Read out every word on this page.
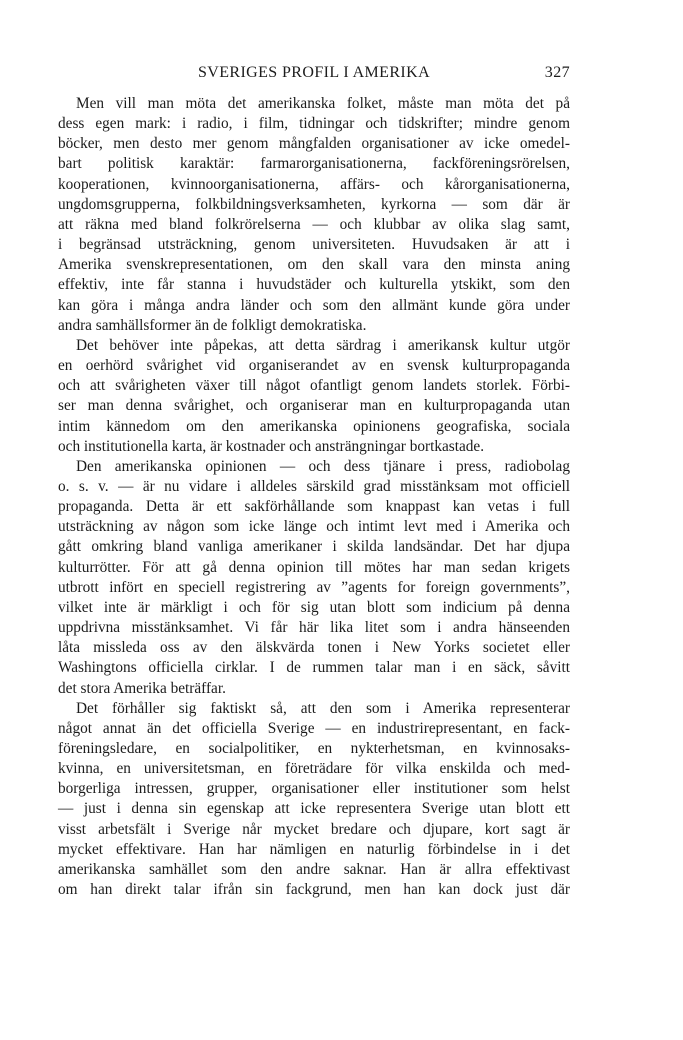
SVERIGES PROFIL I AMERIKA	327

Men vill man möta det amerikanska folket, måste man möta det på
dess egen mark: i radio, i film, tidningar och tidskrifter; mindre genom
böcker, men desto mer genom mångfalden organisationer av icke omedel-
bart politisk karaktär: farmarorganisationerna, fackföreningsrörelsen,
kooperationen, kvinnoorganisationerna, affärs- och kårorganisationerna,
ungdomsgrupperna, folkbildningsverksamheten, kyrkorna — som där är
att räkna med bland folkrörelserna — och klubbar av olika slag samt,
i begränsad utsträckning, genom universiteten. Huvudsaken är att i
Amerika svenskrepresentationen, om den skall vara den minsta aning
effektiv, inte får stanna i huvudstäder och kulturella ytskikt, som den
kan göra i många andra länder och som den allmänt kunde göra under
andra samhällsformer än de folkligt demokratiska.

Det behöver inte påpekas, att detta särdrag i amerikansk kultur utgör
en oerhörd svårighet vid organiserandet av en svensk kulturpropaganda
och att svårigheten växer till något ofantligt genom landets storlek. Förbi-
ser man denna svårighet, och organiserar man en kulturpropaganda utan
intim kännedom om den amerikanska opinionens geografiska, sociala
och institutionella karta, är kostnader och ansträngningar bortkastade.

Den amerikanska opinionen — och dess tjänare i press, radiobolag
o. s. v. — är nu vidare i alldeles särskild grad misstänksam mot officiell
propaganda. Detta är ett sakförhållande som knappast kan vetas i full
utsträckning av någon som icke länge och intimt levt med i Amerika och
gått omkring bland vanliga amerikaner i skilda landsändar. Det har djupa
kulturrötter. För att gå denna opinion till mötes har man sedan krigets
utbrott infört en speciell registrering av ”agents for foreign governments”,
vilket inte är märkligt i och för sig utan blott som indicium på denna
uppdrivna misstänksamhet. Vi får här lika litet som i andra hänseenden
låta missleda oss av den älskvärda tonen i New Yorks societet eller
Washingtons officiella cirklar. I de rummen talar man i en säck, såvitt
det stora Amerika beträffar.

Det förhåller sig faktiskt så, att den som i Amerika representerar
något annat än det officiella Sverige — en industrirepresentant, en fack-
föreningsledare, en socialpolitiker, en nykterhetsman, en kvinnosaks-
kvinna, en universitetsman, en företrädare för vilka enskilda och med-
borgerliga intressen, grupper, organisationer eller institutioner som helst
— just i denna sin egenskap att icke representera Sverige utan blott ett
visst arbetsfält i Sverige når mycket bredare och djupare, kort sagt är
mycket effektivare. Han har nämligen en naturlig förbindelse in i det
amerikanska samhället som den andre saknar. Han är allra effektivast
om han direkt talar ifrån sin fackgrund, men han kan dock just där
